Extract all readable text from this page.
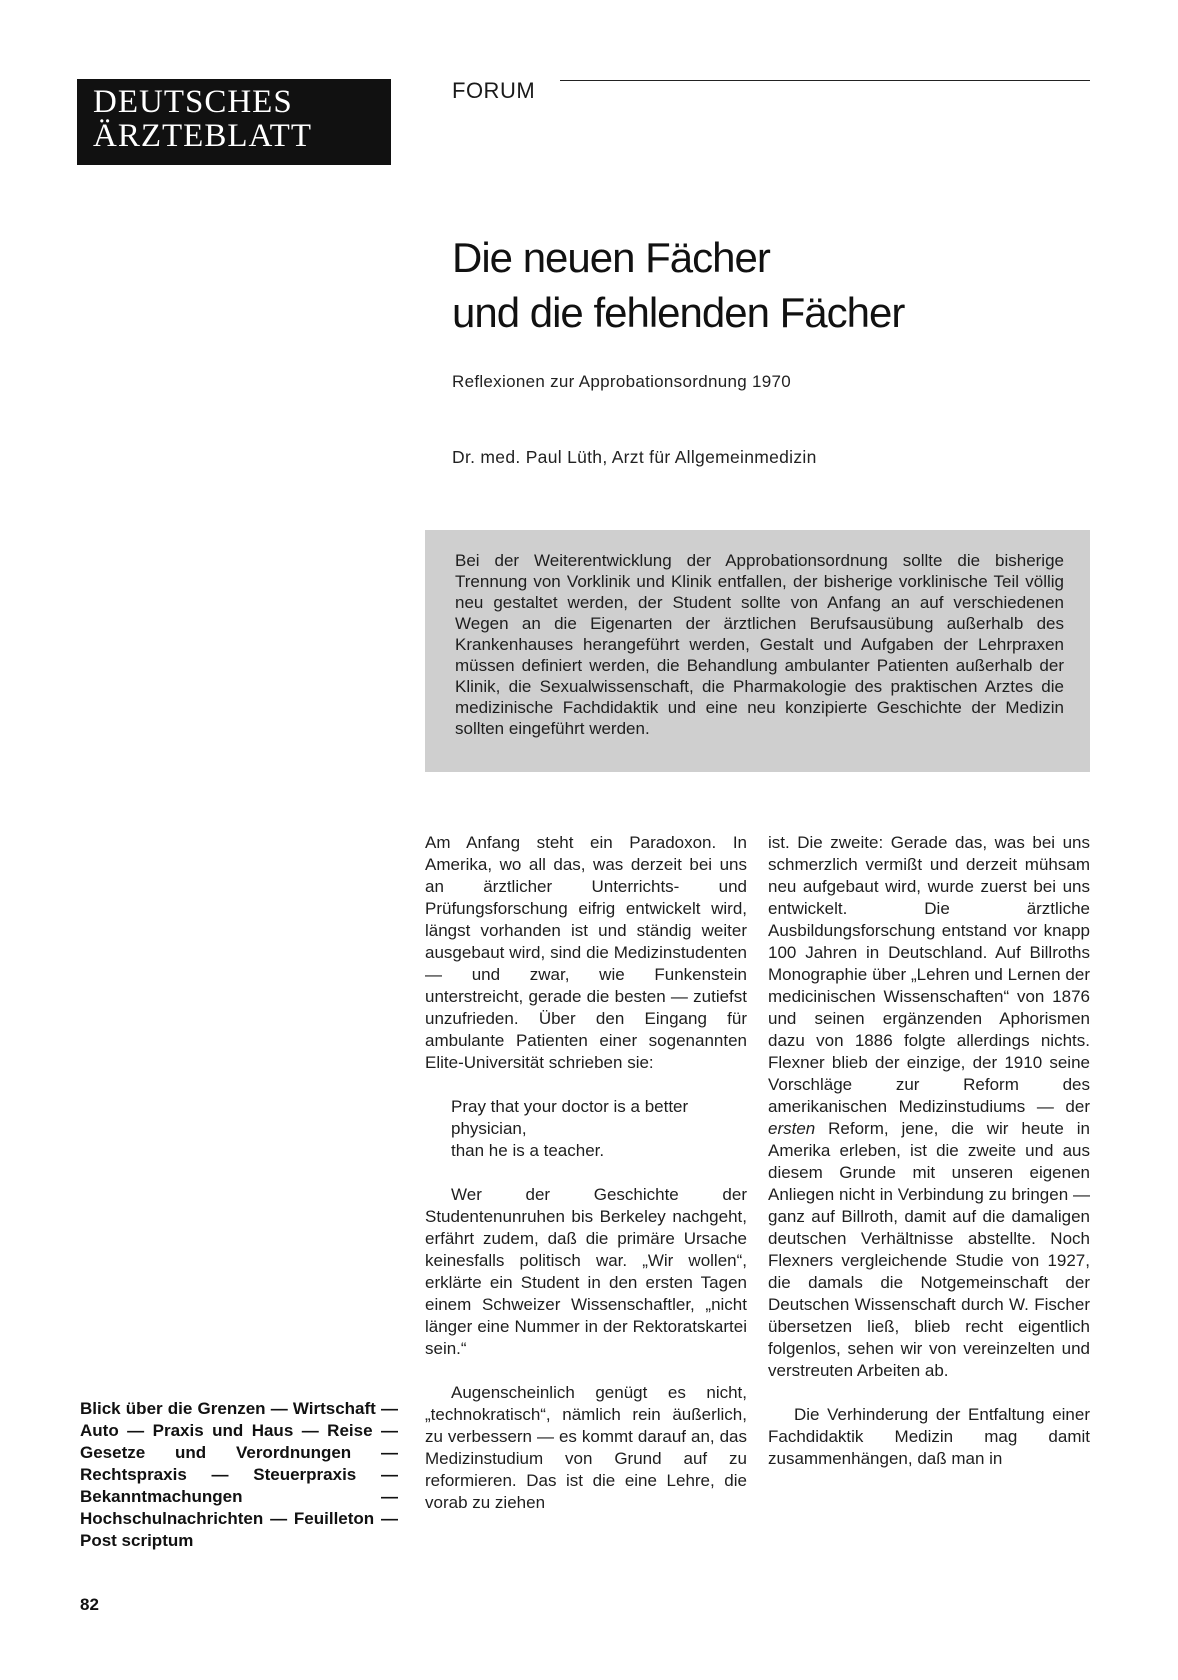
DEUTSCHES
ÄRZTEBLATT
FORUM
Die neuen Fächer
und die fehlenden Fächer
Reflexionen zur Approbationsordnung 1970
Dr. med. Paul Lüth, Arzt für Allgemeinmedizin

Bei der Weiterentwicklung der Approbationsordnung sollte die bisherige Trennung von Vorklinik und Klinik entfallen, der bisherige vorklinische Teil völlig neu gestaltet werden, der Student sollte von Anfang an auf verschiedenen Wegen an die Eigenarten der ärztlichen Berufsausübung außerhalb des Krankenhauses herangeführt werden, Gestalt und Aufgaben der Lehrpraxen müssen definiert werden, die Behandlung ambulanter Patienten außerhalb der Klinik, die Sexualwissenschaft, die Pharmakologie des praktischen Arztes die medizinische Fachdidaktik und eine neu konzipierte Geschichte der Medizin sollten eingeführt werden.

Am Anfang steht ein Paradoxon. In Amerika, wo all das, was derzeit bei uns an ärztlicher Unterrichts- und Prüfungsforschung eifrig entwickelt wird, längst vorhanden ist und ständig weiter ausgebaut wird, sind die Medizinstudenten — und zwar, wie Funkenstein unterstreicht, gerade die besten — zutiefst unzufrieden. Über den Eingang für ambulante Patienten einer sogenannten Elite-Universität schrieben sie:

Pray that your doctor is a better physician,
than he is a teacher.

Wer der Geschichte der Studentenunruhen bis Berkeley nachgeht, erfährt zudem, daß die primäre Ursache keinesfalls politisch war. „Wir wollen“, erklärte ein Student in den ersten Tagen einem Schweizer Wissenschaftler, „nicht länger eine Nummer in der Rektoratskartei sein.“

Augenscheinlich genügt es nicht, „technokratisch“, nämlich rein äußerlich, zu verbessern — es kommt darauf an, das Medizinstudium von Grund auf zu reformieren. Das ist die eine Lehre, die vorab zu ziehen

ist. Die zweite: Gerade das, was bei uns schmerzlich vermißt und derzeit mühsam neu aufgebaut wird, wurde zuerst bei uns entwickelt. Die ärztliche Ausbildungsforschung entstand vor knapp 100 Jahren in Deutschland. Auf Billroths Monographie über „Lehren und Lernen der medicinischen Wissenschaften“ von 1876 und seinen ergänzenden Aphorismen dazu von 1886 folgte allerdings nichts. Flexner blieb der einzige, der 1910 seine Vorschläge zur Reform des amerikanischen Medizinstudiums — der ersten Reform, jene, die wir heute in Amerika erleben, ist die zweite und aus diesem Grunde mit unseren eigenen Anliegen nicht in Verbindung zu bringen — ganz auf Billroth, damit auf die damaligen deutschen Verhältnisse abstellte. Noch Flexners vergleichende Studie von 1927, die damals die Notgemeinschaft der Deutschen Wissenschaft durch W. Fischer übersetzen ließ, blieb recht eigentlich folgenlos, sehen wir von vereinzelten und verstreuten Arbeiten ab.

Die Verhinderung der Entfaltung einer Fachdidaktik Medizin mag damit zusammenhängen, daß man in

Blick über die Grenzen — Wirtschaft — Auto — Praxis und Haus — Reise — Gesetze und Verordnungen — Rechtspraxis — Steuerpraxis — Bekanntmachungen — Hochschulnachrichten — Feuilleton — Post scriptum
82
